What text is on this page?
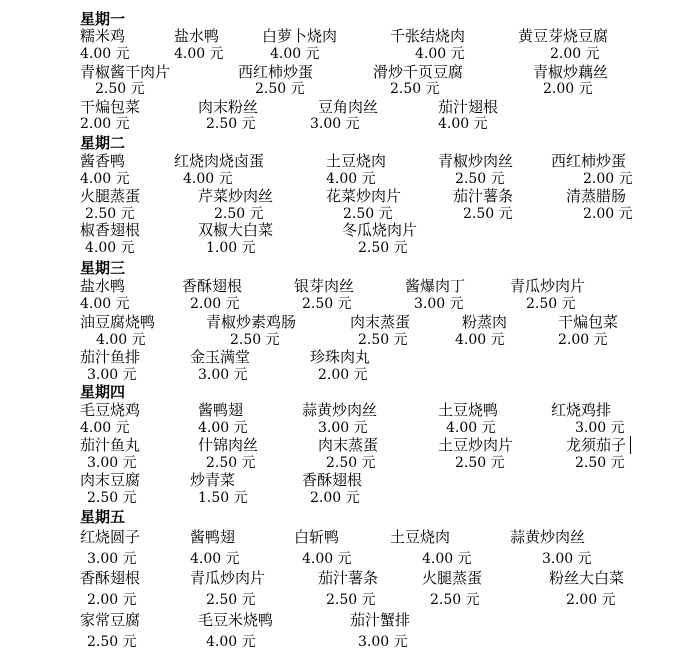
星期一
糯米鸡
4.00 元
盐水鸭
4.00 元
白萝卜烧肉
4.00 元
千张结烧肉
4.00 元
黄豆芽烧豆腐
2.00 元
青椒酱干肉片
2.50 元
西红柿炒蛋
2.50 元
滑炒千页豆腐
2.50 元
青椒炒藕丝
2.00 元
干煸包菜
2.00 元
肉末粉丝
2.50 元
豆角肉丝
3.00 元
茄汁翅根
4.00 元
星期二
酱香鸭
4.00 元
红烧肉烧卤蛋
4.00 元
土豆烧肉
4.00 元
青椒炒肉丝
2.50 元
西红柿炒蛋
2.00 元
火腿蒸蛋
2.50 元
芹菜炒肉丝
2.50 元
花菜炒肉片
2.50 元
茄汁薯条
2.50 元
清蒸腊肠
2.00 元
椒香翅根
4.00 元
双椒大白菜
1.00 元
冬瓜烧肉片
2.50 元
星期三
盐水鸭
4.00 元
香酥翅根
2.00 元
银芽肉丝
2.50 元
酱爆肉丁
3.00 元
青瓜炒肉片
2.50 元
油豆腐烧鸭
4.00 元
青椒炒素鸡肠
2.50 元
肉末蒸蛋
2.50 元
粉蒸肉
4.00 元
干煸包菜
2.00 元
茄汁鱼排
3.00 元
金玉满堂
3.00 元
珍珠肉丸
2.00 元
星期四
毛豆烧鸡
4.00 元
酱鸭翅
4.00 元
蒜黄炒肉丝
3.00 元
土豆烧鸭
4.00 元
红烧鸡排
3.00 元
茄汁鱼丸
3.00 元
什锦肉丝
2.50 元
肉末蒸蛋
2.50 元
土豆炒肉片
2.50 元
龙须茄子
2.50 元
肉末豆腐
2.50 元
炒青菜
1.50 元
香酥翅根
2.00 元
星期五
红烧圆子
3.00 元
酱鸭翅
4.00 元
白斩鸭
4.00 元
土豆烧肉
4.00 元
蒜黄炒肉丝
3.00 元
香酥翅根
2.00 元
青瓜炒肉片
2.50 元
茄汁薯条
2.50 元
火腿蒸蛋
2.50 元
粉丝大白菜
2.00 元
家常豆腐
2.50 元
毛豆米烧鸭
4.00 元
茄汁蟹排
3.00 元
